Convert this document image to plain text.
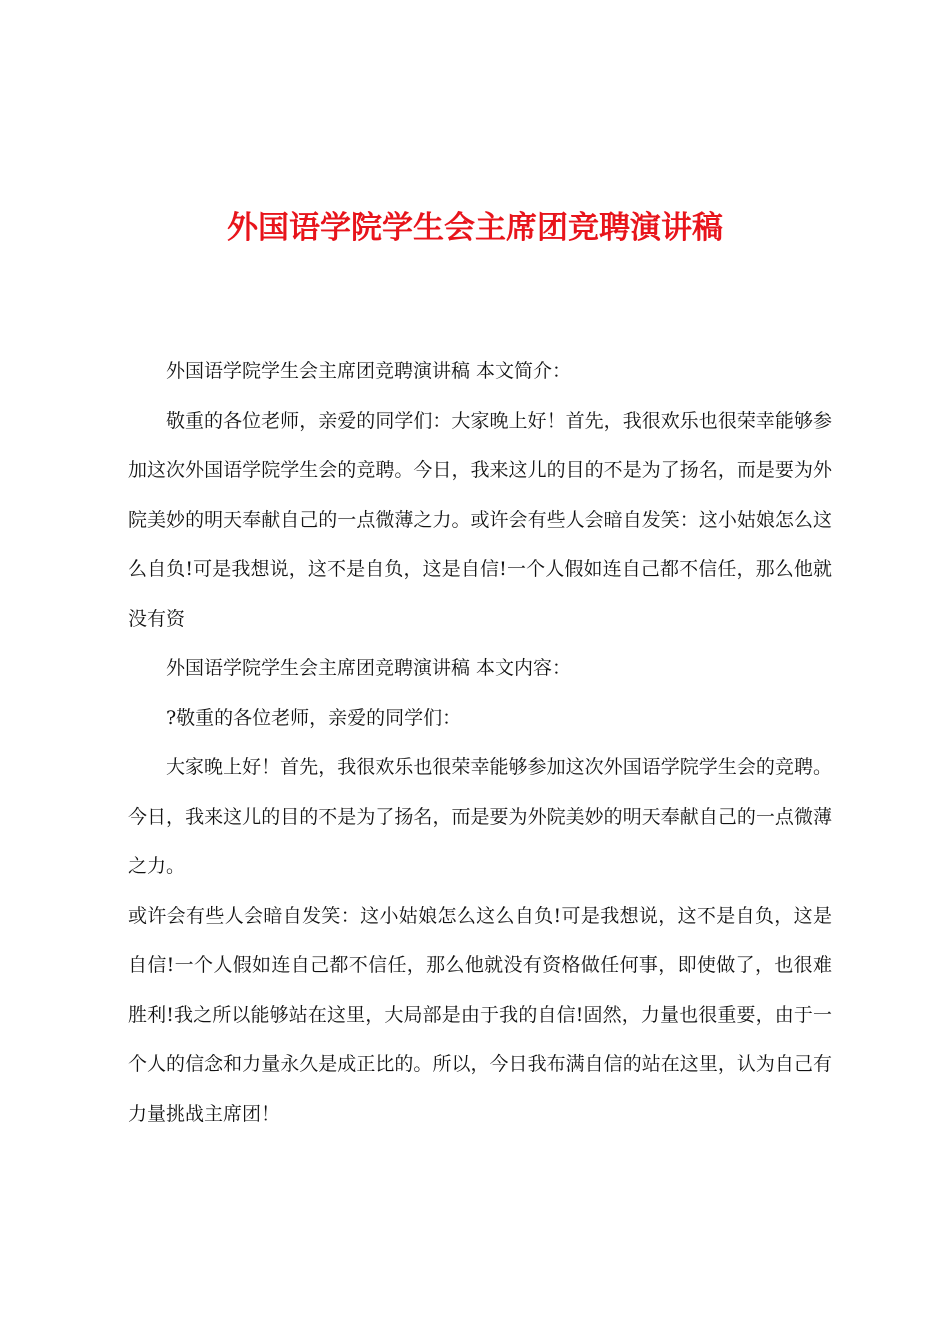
外国语学院学生会主席团竞聘演讲稿

外国语学院学生会主席团竞聘演讲稿 本文简介：

敬重的各位老师，亲爱的同学们：大家晚上好！首先，我很欢乐也很荣幸能够参加这次外国语学院学生会的竞聘。今日，我来这儿的目的不是为了扬名，而是要为外院美妙的明天奉献自己的一点微薄之力。或许会有些人会暗自发笑：这小姑娘怎么这么自负!可是我想说，这不是自负，这是自信!一个人假如连自己都不信任，那么他就没有资

外国语学院学生会主席团竞聘演讲稿 本文内容：

?敬重的各位老师，亲爱的同学们：

大家晚上好！首先，我很欢乐也很荣幸能够参加这次外国语学院学生会的竞聘。今日，我来这儿的目的不是为了扬名，而是要为外院美妙的明天奉献自己的一点微薄之力。

或许会有些人会暗自发笑：这小姑娘怎么这么自负!可是我想说，这不是自负，这是自信!一个人假如连自己都不信任，那么他就没有资格做任何事，即使做了，也很难胜利!我之所以能够站在这里，大局部是由于我的自信!固然，力量也很重要，由于一个人的信念和力量永久是成正比的。所以，今日我布满自信的站在这里，认为自己有力量挑战主席团！
